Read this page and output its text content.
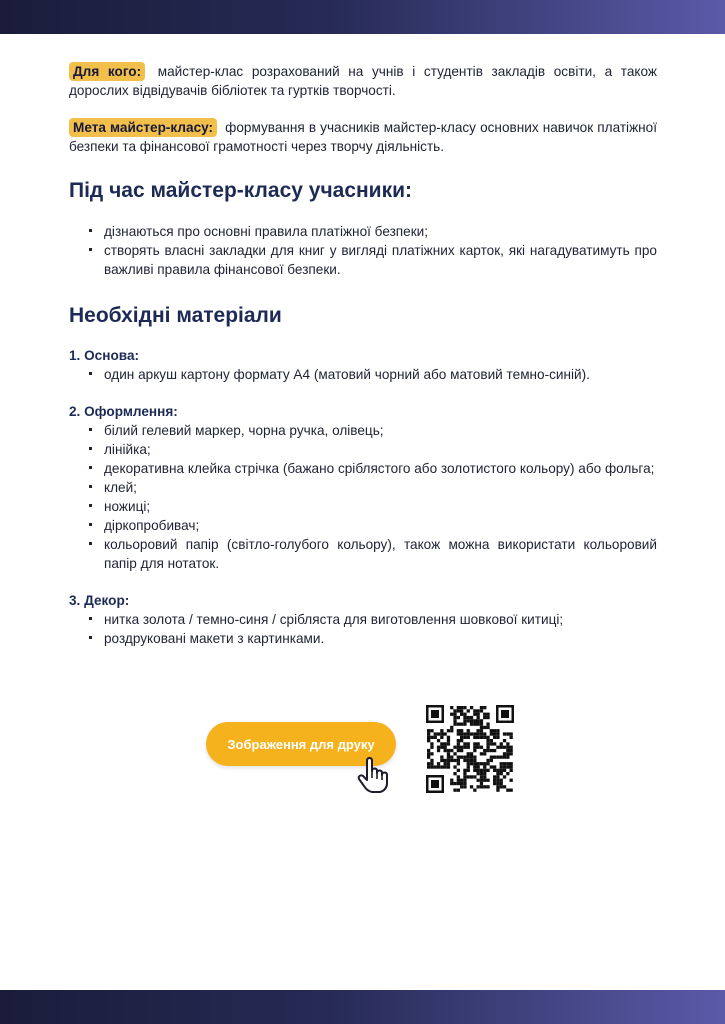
Для кого: майстер-клас розрахований на учнів і студентів закладів освіти, а також дорослих відвідувачів бібліотек та гуртків творчості.

Мета майстер-класу: формування в учасників майстер-класу основних навичок платіжної безпеки та фінансової грамотності через творчу діяльність.

Під час майстер-класу учасники:
дізнаються про основні правила платіжної безпеки;
створять власні закладки для книг у вигляді платіжних карток, які нагадуватимуть про важливі правила фінансової безпеки.
Необхідні матеріали
1. Основа:
один аркуш картону формату А4 (матовий чорний або матовий темно-синій).
2. Оформлення:
білий гелевий маркер, чорна ручка, олівець;
лінійка;
декоративна клейка стрічка (бажано сріблястого або золотистого кольору) або фольга;
клей;
ножиці;
діркопробивач;
кольоровий папір (світло-голубого кольору), також можна використати кольоровий папір для нотаток.
3. Декор:
нитка золота / темно-синя / срібляста для виготовлення шовкової китиці;
роздруковані макети з картинками.
Зображення для друку
